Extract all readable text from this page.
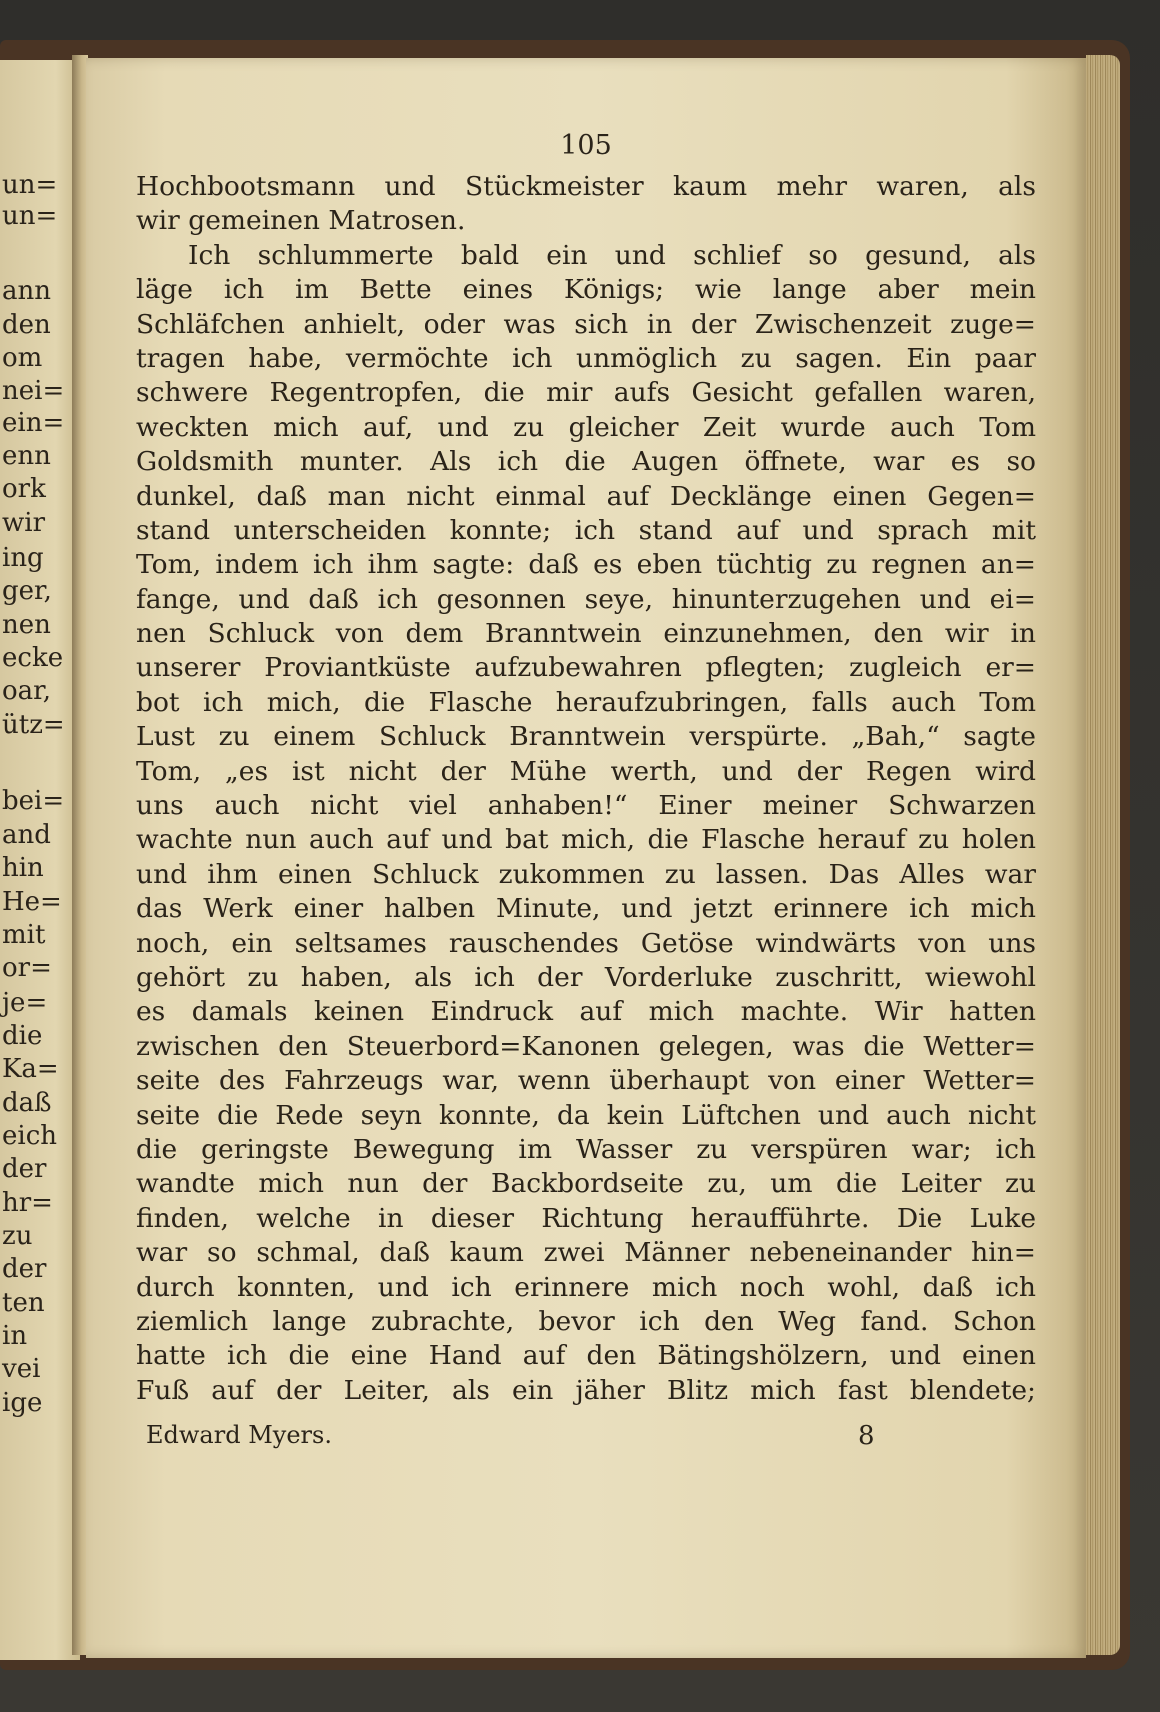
un=
un=
ann
den
om
nei=
ein=
enn
ork
wir
ing
ger,
nen
ecke
oar,
ütz=
bei=
and
hin
He=
mit
or=
je=
die
Ka=
daß
eich
der
hr=
zu
der
ten
in
vei
ige
105
Hochbootsmann und Stückmeister kaum mehr waren, als
wir gemeinen Matrosen.
Ich schlummerte bald ein und schlief so gesund, als
läge ich im Bette eines Königs; wie lange aber mein
Schläfchen anhielt, oder was sich in der Zwischenzeit zuge=
tragen habe, vermöchte ich unmöglich zu sagen. Ein paar
schwere Regentropfen, die mir aufs Gesicht gefallen waren,
weckten mich auf, und zu gleicher Zeit wurde auch Tom
Goldsmith munter. Als ich die Augen öffnete, war es so
dunkel, daß man nicht einmal auf Decklänge einen Gegen=
stand unterscheiden konnte; ich stand auf und sprach mit
Tom, indem ich ihm sagte: daß es eben tüchtig zu regnen an=
fange, und daß ich gesonnen seye, hinunterzugehen und ei=
nen Schluck von dem Branntwein einzunehmen, den wir in
unserer Proviantküste aufzubewahren pflegten; zugleich er=
bot ich mich, die Flasche heraufzubringen, falls auch Tom
Lust zu einem Schluck Branntwein verspürte. „Bah,“ sagte
Tom, „es ist nicht der Mühe werth, und der Regen wird
uns auch nicht viel anhaben!“ Einer meiner Schwarzen
wachte nun auch auf und bat mich, die Flasche herauf zu holen
und ihm einen Schluck zukommen zu lassen. Das Alles war
das Werk einer halben Minute, und jetzt erinnere ich mich
noch, ein seltsames rauschendes Getöse windwärts von uns
gehört zu haben, als ich der Vorderluke zuschritt, wiewohl
es damals keinen Eindruck auf mich machte. Wir hatten
zwischen den Steuerbord=Kanonen gelegen, was die Wetter=
seite des Fahrzeugs war, wenn überhaupt von einer Wetter=
seite die Rede seyn konnte, da kein Lüftchen und auch nicht
die geringste Bewegung im Wasser zu verspüren war; ich
wandte mich nun der Backbordseite zu, um die Leiter zu
finden, welche in dieser Richtung heraufführte. Die Luke
war so schmal, daß kaum zwei Männer nebeneinander hin=
durch konnten, und ich erinnere mich noch wohl, daß ich
ziemlich lange zubrachte, bevor ich den Weg fand. Schon
hatte ich die eine Hand auf den Bätingshölzern, und einen
Fuß auf der Leiter, als ein jäher Blitz mich fast blendete;
Edward Myers.	8
